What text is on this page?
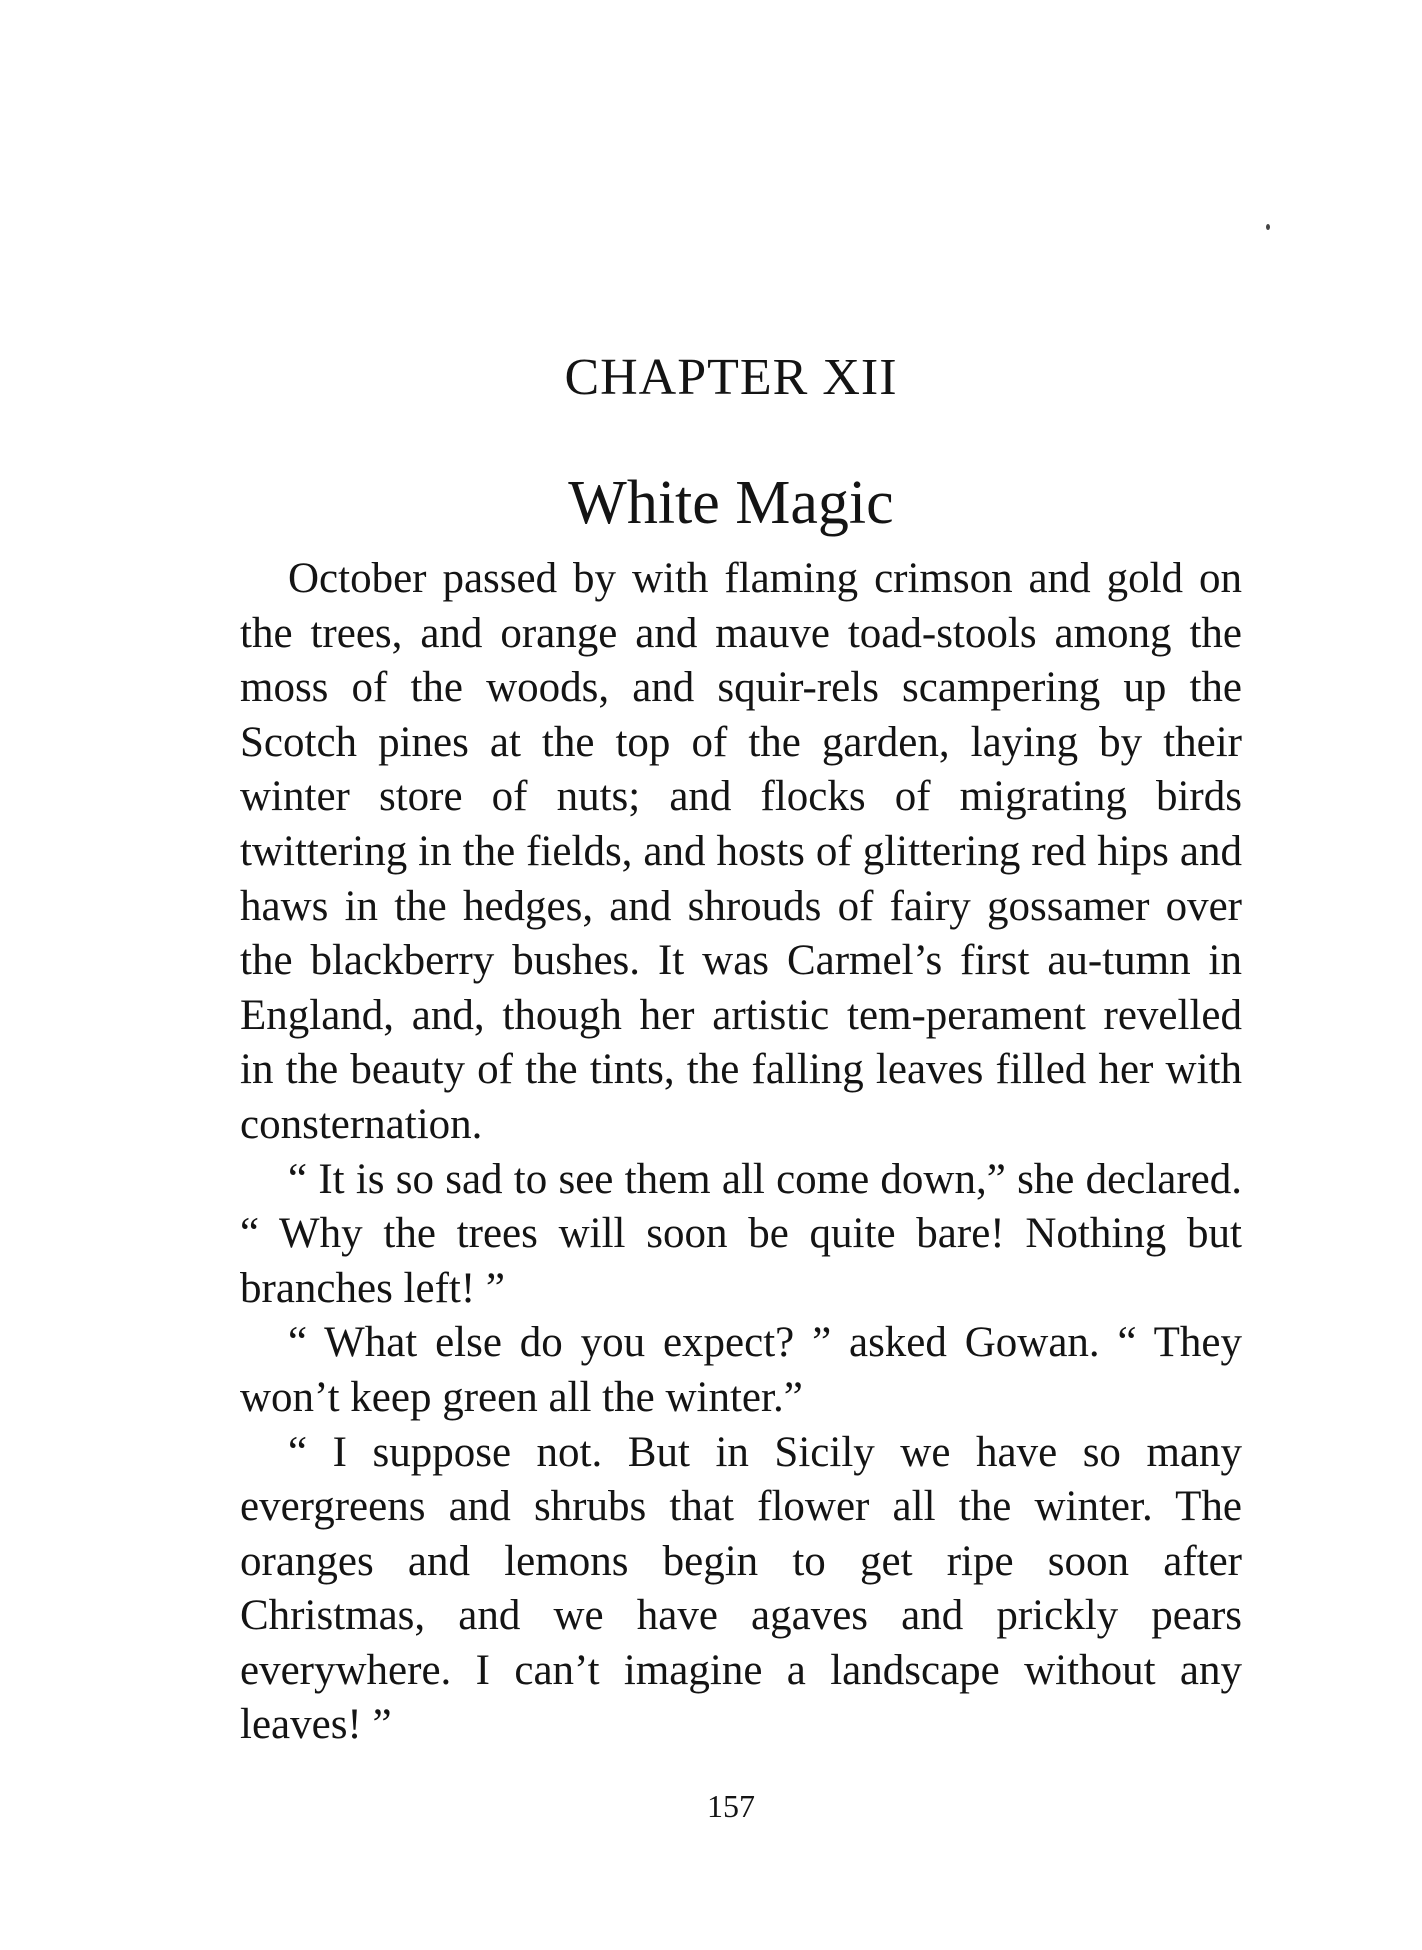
CHAPTER XII
White Magic

October passed by with flaming crimson and gold on the trees, and orange and mauve toad-stools among the moss of the woods, and squir-rels scampering up the Scotch pines at the top of the garden, laying by their winter store of nuts; and flocks of migrating birds twittering in the fields, and hosts of glittering red hips and haws in the hedges, and shrouds of fairy gossamer over the blackberry bushes. It was Carmel’s first au-tumn in England, and, though her artistic tem-perament revelled in the beauty of the tints, the falling leaves filled her with consternation.

“ It is so sad to see them all come down,” she declared. “ Why the trees will soon be quite bare! Nothing but branches left! ”

“ What else do you expect? ” asked Gowan. “ They won’t keep green all the winter.”

“ I suppose not. But in Sicily we have so many evergreens and shrubs that flower all the winter. The oranges and lemons begin to get ripe soon after Christmas, and we have agaves and prickly pears everywhere. I can’t imagine a landscape without any leaves! ”

157
